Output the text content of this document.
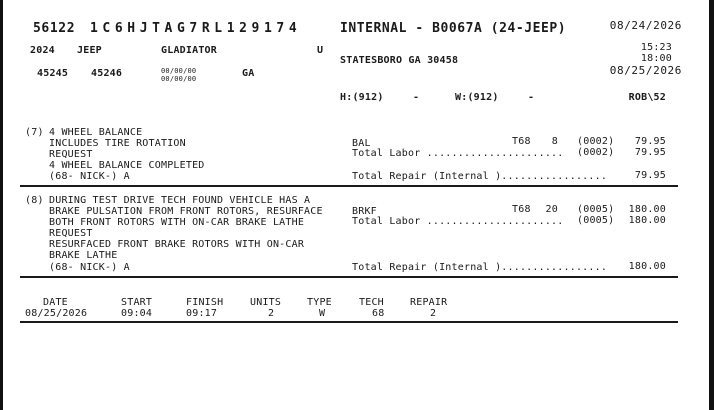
56122 1C6HJTAG7RL129174	INTERNAL - B0067A (24-JEEP)	08/24/2026
2024 JEEP	GLADIATOR	U	15:23
18:00
08/25/2026
STATESBORO GA 30458
45245 45246	00/00/00
00/00/00	GA
H:(912)	-	W:(912)	-	ROB\52
(7) 4 WHEEL BALANCE
INCLUDES TIRE ROTATION
REQUEST
4 WHEEL BALANCE COMPLETED
(68- NICK-) A
BAL	T68	8 (0002)	79.95
Total Labor ...................... (0002)	79.95
Total Repair (Internal ).................	79.95
(8) DURING TEST DRIVE TECH FOUND VEHICLE HAS A
BRAKE PULSATION FROM FRONT ROTORS, RESURFACE
BOTH FRONT ROTORS WITH ON-CAR BRAKE LATHE
REQUEST
RESURFACED FRONT BRAKE ROTORS WITH ON-CAR
BRAKE LATHE
(68- NICK-) A
BRKF	T68	20 (0005)	180.00
Total Labor ...................... (0005)	180.00
Total Repair (Internal ).................	180.00
DATE	START	FINISH	UNITS	TYPE	TECH	REPAIR
08/25/2026	09:04	09:17	2	W	68	2
